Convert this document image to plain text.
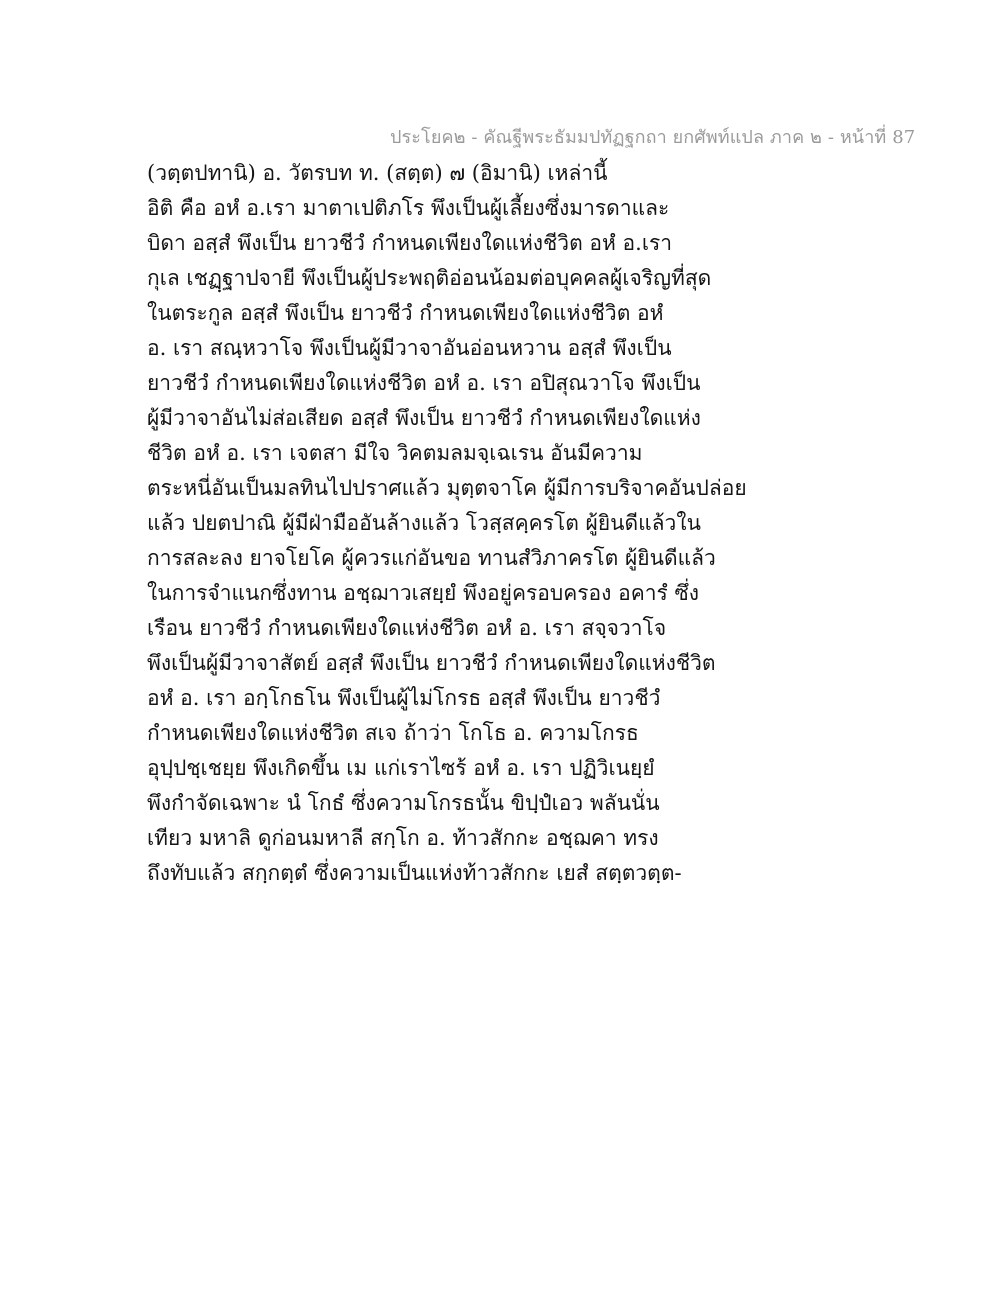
ประโยค๒ - คัณฐีพระธัมมปทัฏฐกถา ยกศัพท์แปล ภาค ๒ - หน้าที่ 87
(วตฺตปทานิ) อ. วัตรบท ท. (สตฺต) ๗ (อิมานิ) เหล่านี้
อิติ คือ อหํ อ.เรา มาตาเปติภโร พึงเป็นผู้เลี้ยงซึ่งมารดาและ
บิดา อสฺสํ พึงเป็น ยาวชีวํ กำหนดเพียงใดแห่งชีวิต อหํ อ.เรา
กุเล เชฏฺฐาปจายี พึงเป็นผู้ประพฤติอ่อนน้อมต่อบุคคลผู้เจริญที่สุด
ในตระกูล อสฺสํ พึงเป็น ยาวชีวํ กำหนดเพียงใดแห่งชีวิต อหํ
อ. เรา สณฺหวาโจ พึงเป็นผู้มีวาจาอันอ่อนหวาน อสฺสํ พึงเป็น
ยาวชีวํ กำหนดเพียงใดแห่งชีวิต อหํ อ. เรา อปิสุณวาโจ พึงเป็น
ผู้มีวาจาอันไม่ส่อเสียด อสฺสํ พึงเป็น ยาวชีวํ กำหนดเพียงใดแห่ง
ชีวิต อหํ อ. เรา เจตสา มีใจ วิคตมลมจฺเฉเรน อันมีความ
ตระหนี่อันเป็นมลทินไปปราศแล้ว มุตฺตจาโค ผู้มีการบริจาคอันปล่อย
แล้ว ปยตปาณิ ผู้มีฝ่ามืออันล้างแล้ว โวสฺสคฺครโต ผู้ยินดีแล้วใน
การสละลง ยาจโยโค ผู้ควรแก่อันขอ ทานสํวิภาครโต ผู้ยินดีแล้ว
ในการจำแนกซึ่งทาน อชฺฌาวเสยฺยํ พึงอยู่ครอบครอง อคารํ ซึ่ง
เรือน ยาวชีวํ กำหนดเพียงใดแห่งชีวิต อหํ อ. เรา สจฺจวาโจ
พึงเป็นผู้มีวาจาสัตย์ อสฺสํ พึงเป็น ยาวชีวํ กำหนดเพียงใดแห่งชีวิต
อหํ อ. เรา อกฺโกธโน พึงเป็นผู้ไม่โกรธ อสฺสํ พึงเป็น ยาวชีวํ
กำหนดเพียงใดแห่งชีวิต สเจ ถ้าว่า โกโธ อ. ความโกรธ
อุปฺปชฺเชยฺย พึงเกิดขึ้น เม แก่เราไซร้ อหํ อ. เรา ปฏิวิเนยฺยํ
พึงกำจัดเฉพาะ นํ โกธํ ซึ่งความโกรธนั้น ขิปฺปํเอว พลันนั่น
เทียว มหาลิ ดูก่อนมหาลี สกฺโก อ. ท้าวสักกะ อชฺฌคา ทรง
ถึงทับแล้ว สกฺกตฺตํ ซึ่งความเป็นแห่งท้าวสักกะ เยสํ สตฺตวตฺต-
